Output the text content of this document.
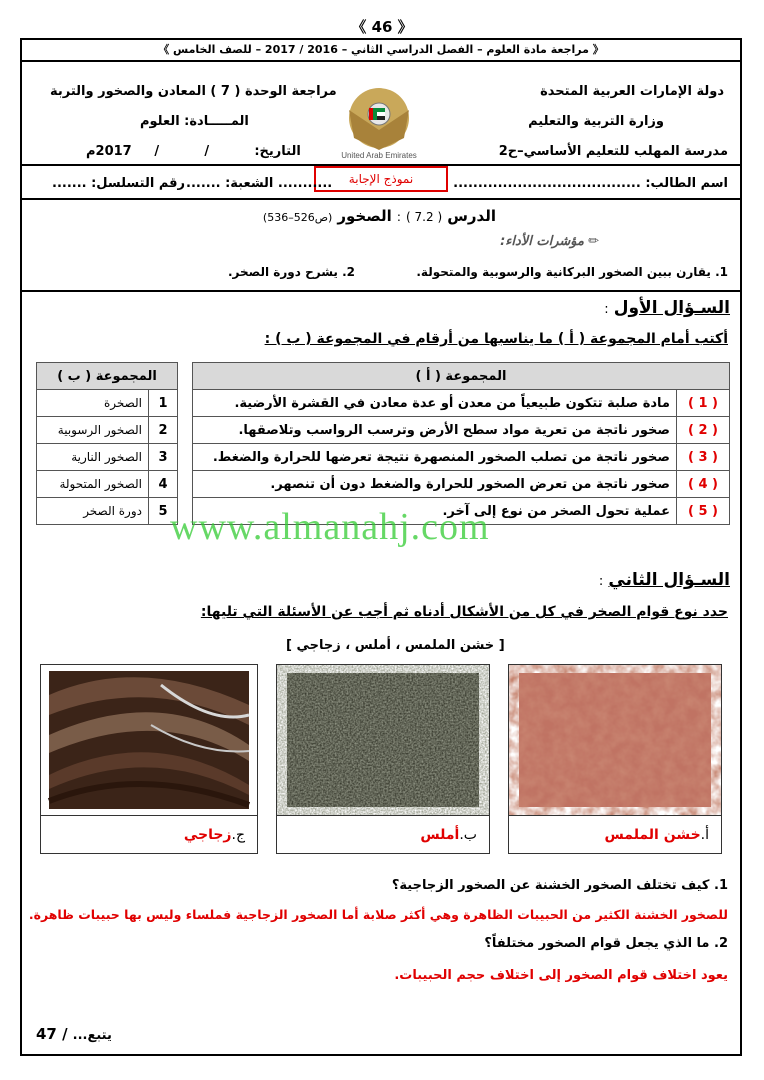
《 46 》
《 مراجعة مادة العلوم – الفصل الدراسي الثاني – 2016 / 2017 – للصف الخامس 》
دولة الإمارات العربية المتحدة
وزارة التربية والتعليم
مدرسة المهلب للتعليم الأساسي–ح2
United Arab Emirates
مراجعة الوحدة ( 7 ) المعادن والصخور والتربة
المـــــادة: العلوم
التاريخ:          /          /     2017م
اسم الطالب: ......................................
نموذج الإجابة
........... الشعبة: .......
رقم التسلسل: .......
الدرس ( 7.2 ) : الصخور (ص526–536)
✏ مؤشرات الأداء:
1. يقارن ببين الصخور البركانية والرسوبية والمتحولة.
2. يشرح دورة الصخر.
السـؤال الأول :
أكتب أمام المجموعة ( أ ) ما يناسبها من أرقام في المجموعة ( ب ) :
المجموعة ( أ )	
( 1 )	مادة صلبة تتكون طبيعياً من معدن أو عدة معادن في القشرة الأرضية.
( 2 )	صخور ناتجة من تعرية مواد سطح الأرض وترسب الرواسب وتلاصقها.
( 3 )	صخور ناتجة من تصلب الصخور المنصهرة نتيجة تعرضها للحرارة والضغط.
( 4 )	صخور ناتجة من تعرض الصخور للحرارة والضغط دون أن تنصهر.
( 5 )	عملية تحول الصخر من نوع إلى آخر.
المجموعة ( ب )	
1	الصخرة
2	الصخور الرسوبية
3	الصخور النارية
4	الصخور المتحولة
5	دورة الصخر www.almanahj.com
السـؤال الثاني :
حدد نوع قوام الصخر في كل من الأشكال أدناه ثم أجب عن الأسئلة التي تليها:
[ خشن الملمس ، أملس ، زجاجي ]
أ.
خشن الملمس
ب.
أملس
ج.
زجاجي
1. كيف تختلف الصخور الخشنة عن الصخور الزجاجية؟
للصخور الخشنة الكثير من الحبيبات الظاهرة وهي أكثر صلابة أما الصخور الزجاجية فملساء وليس بها حبيبات ظاهرة.
2. ما الذي يجعل قوام الصخور مختلفاً؟
يعود اختلاف قوام الصخور إلى اختلاف حجم الحبيبات.
يتبع... / 47
